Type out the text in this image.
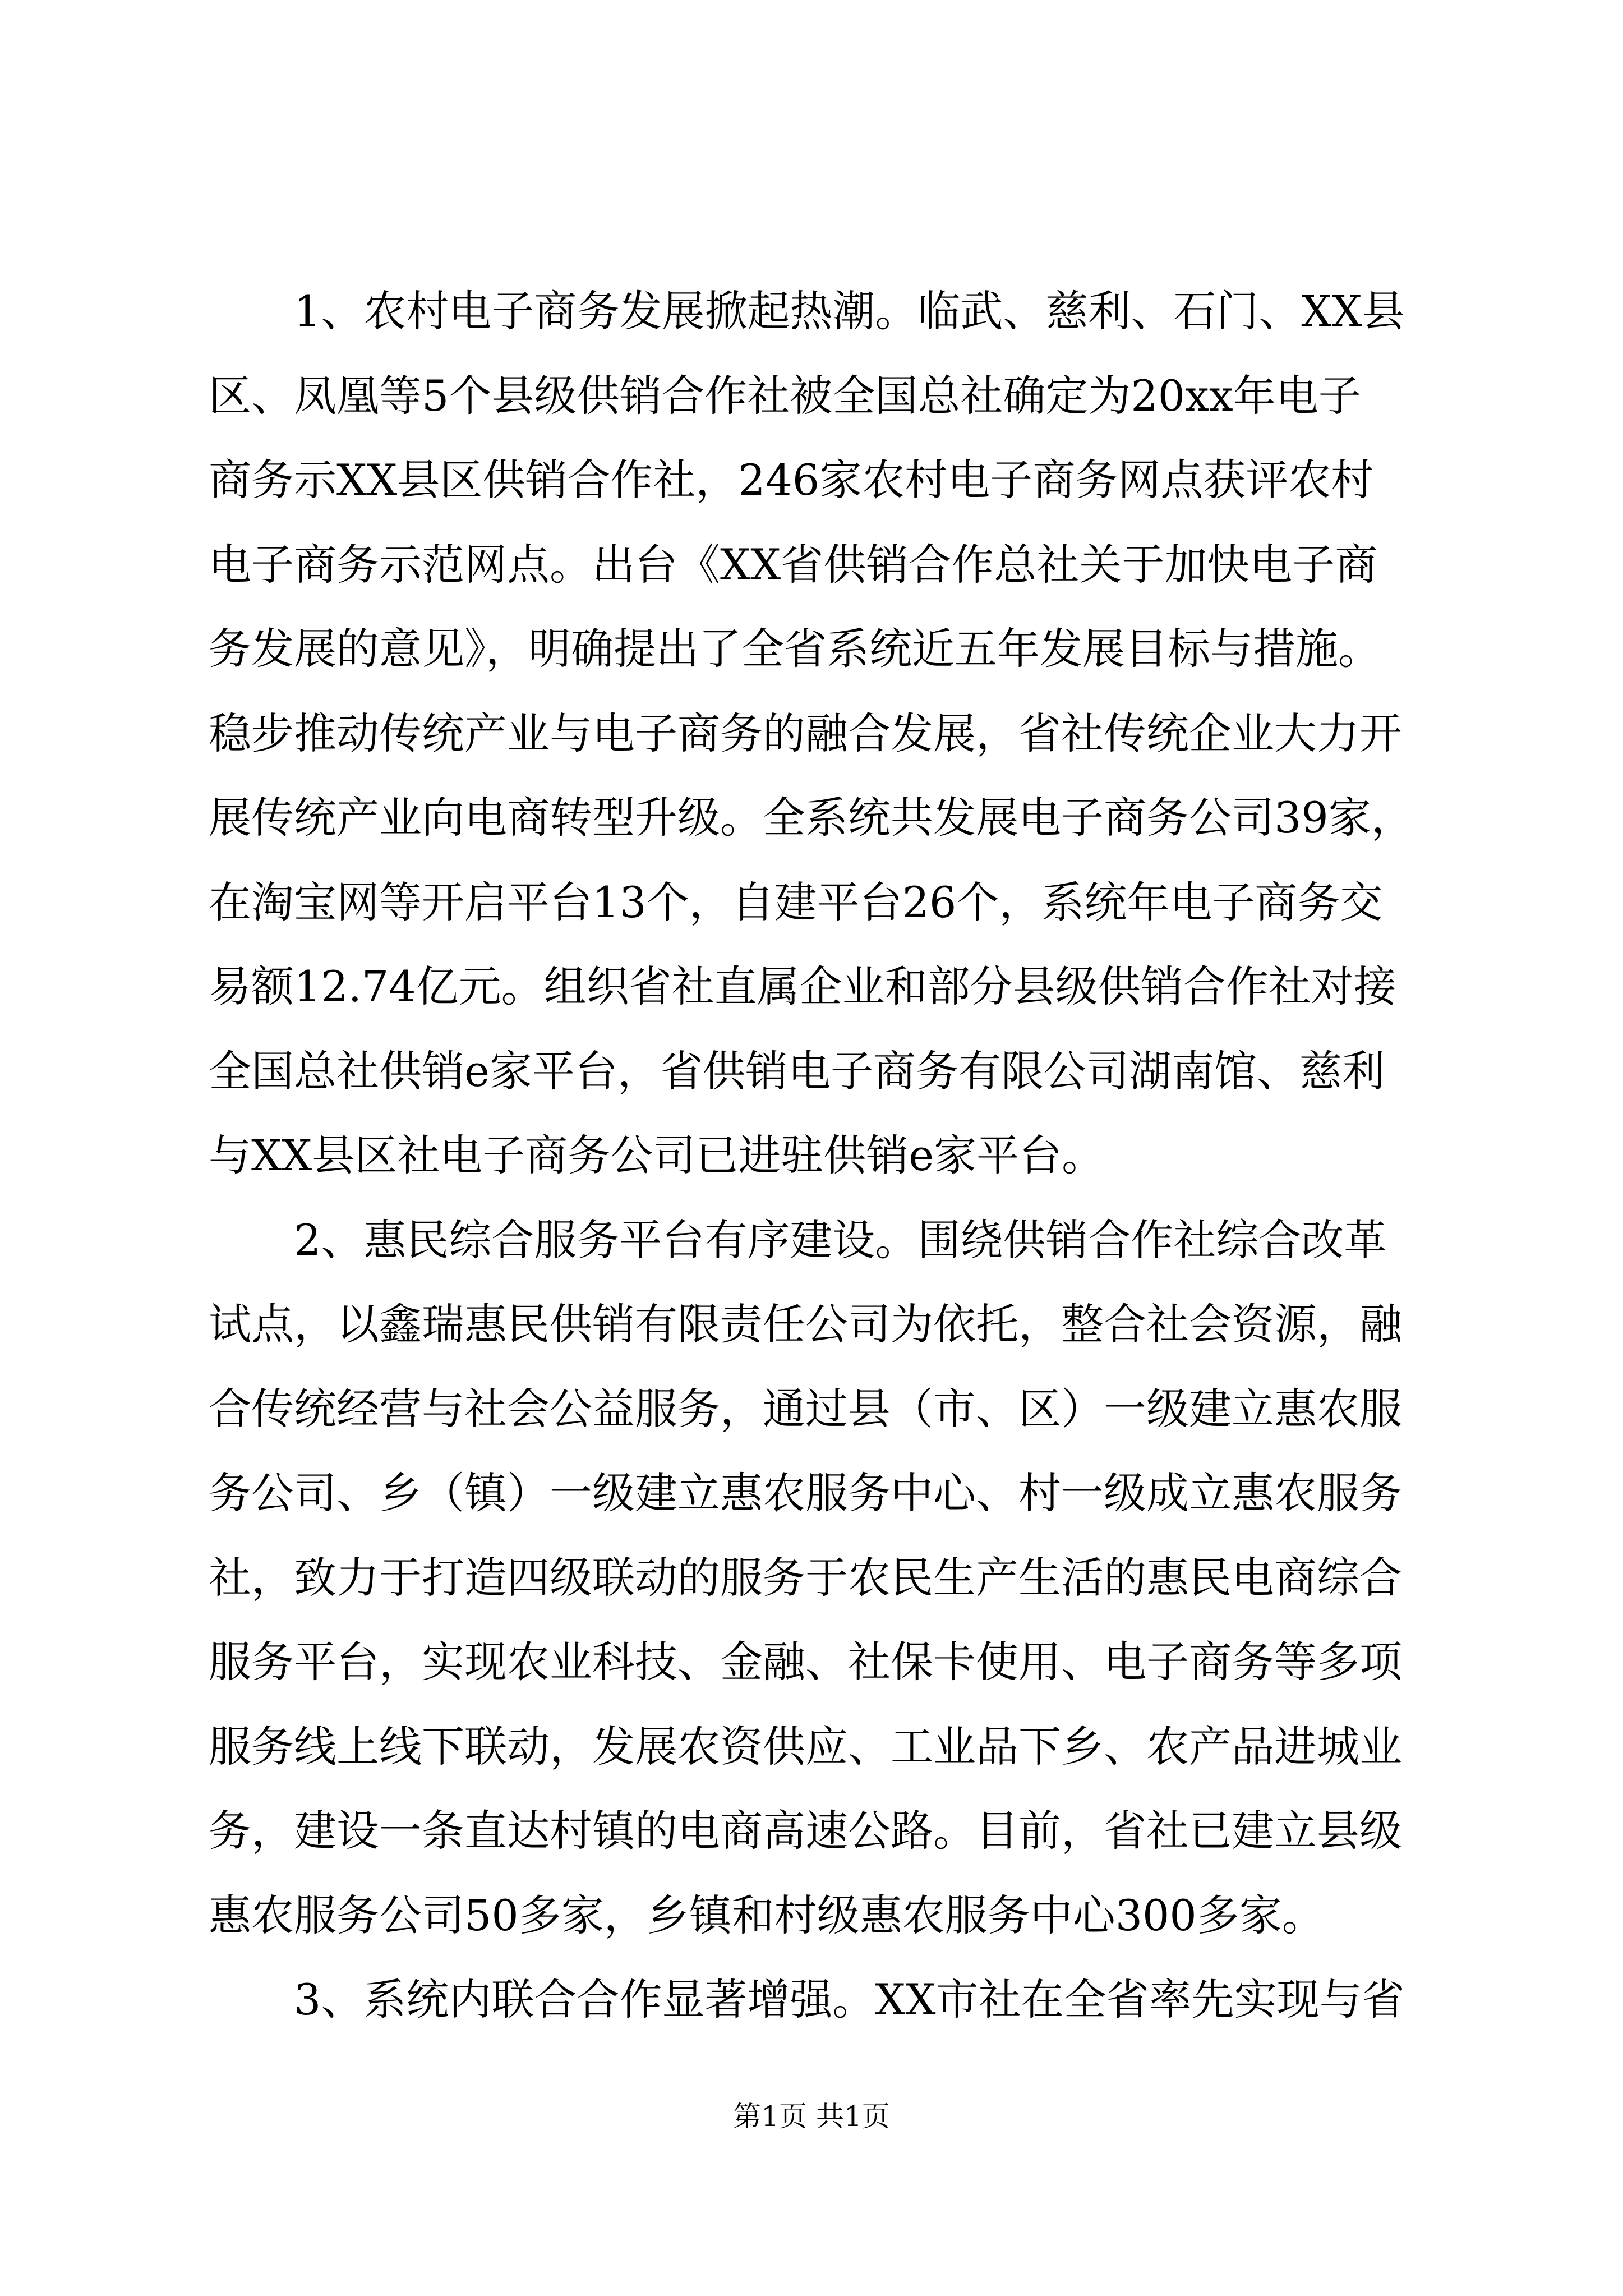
　　1、农村电子商务发展掀起热潮。临武、慈利、石门、XX县
区、凤凰等5个县级供销合作社被全国总社确定为20xx年电子
商务示XX县区供销合作社，246家农村电子商务网点获评农村
电子商务示范网点。出台《XX省供销合作总社关于加快电子商
务发展的意见》，明确提出了全省系统近五年发展目标与措施。
稳步推动传统产业与电子商务的融合发展，省社传统企业大力开
展传统产业向电商转型升级。全系统共发展电子商务公司39家，
在淘宝网等开启平台13个，自建平台26个，系统年电子商务交
易额12.74亿元。组织省社直属企业和部分县级供销合作社对接
全国总社供销e家平台，省供销电子商务有限公司湖南馆、慈利
与XX县区社电子商务公司已进驻供销e家平台。
　　2、惠民综合服务平台有序建设。围绕供销合作社综合改革
试点，以鑫瑞惠民供销有限责任公司为依托，整合社会资源，融
合传统经营与社会公益服务，通过县（市、区）一级建立惠农服
务公司、乡（镇）一级建立惠农服务中心、村一级成立惠农服务
社，致力于打造四级联动的服务于农民生产生活的惠民电商综合
服务平台，实现农业科技、金融、社保卡使用、电子商务等多项
服务线上线下联动，发展农资供应、工业品下乡、农产品进城业
务，建设一条直达村镇的电商高速公路。目前，省社已建立县级
惠农服务公司50多家，乡镇和村级惠农服务中心300多家。
　　3、系统内联合合作显著增强。XX市社在全省率先实现与省
第1页 共1页
